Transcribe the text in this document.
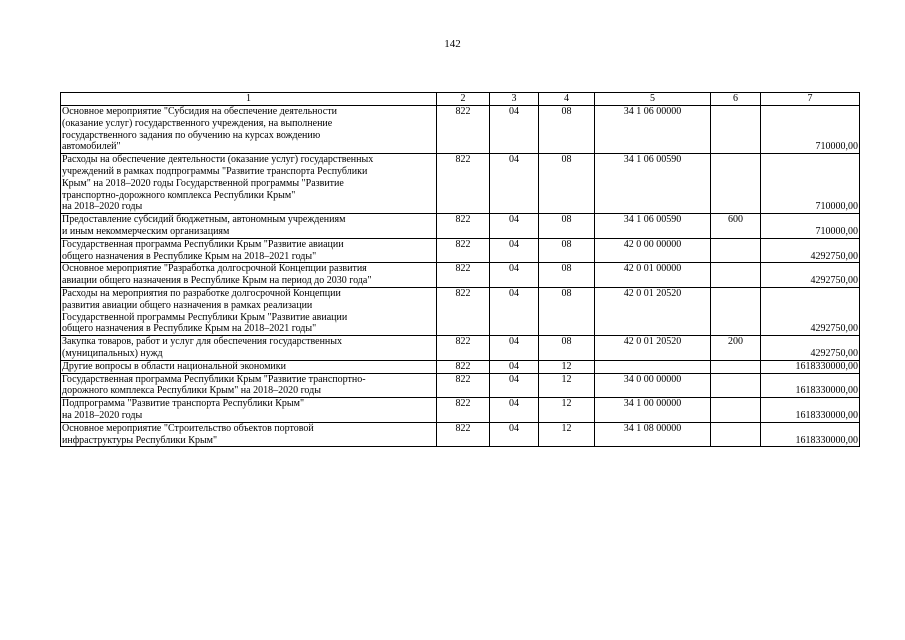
142
1	2	3	4	5	6	7

Основное мероприятие "Субсидия на обеспечение деятельности
(оказание услуг) государственного учреждения, на выполнение
государственного задания по обучению на курсах вождению
автомобилей"	822	04	08	34 1 06 00000		710000,00

Расходы на обеспечение деятельности (оказание услуг) государственных
учреждений в рамках подпрограммы "Развитие транспорта Республики
Крым" на 2018–2020 годы Государственной программы "Развитие
транспортно-дорожного комплекса Республики Крым"
на 2018–2020 годы	822	04	08	34 1 06 00590		710000,00

Предоставление субсидий бюджетным, автономным учреждениям
и иным некоммерческим организациям	822	04	08	34 1 06 00590	600	710000,00

Государственная программа Республики Крым "Развитие авиации
общего назначения в Республике Крым на 2018–2021 годы"	822	04	08	42 0 00 00000		4292750,00

Основное мероприятие "Разработка долгосрочной Концепции развития
авиации общего назначения в Республике Крым на период до 2030 года"	822	04	08	42 0 01 00000		4292750,00

Расходы на мероприятия по разработке долгосрочной Концепции
развития авиации общего назначения в рамках реализации
Государственной программы Республики Крым "Развитие авиации
общего назначения в Республике Крым на 2018–2021 годы"	822	04	08	42 0 01 20520		4292750,00

Закупка товаров, работ и услуг для обеспечения государственных
(муниципальных) нужд	822	04	08	42 0 01 20520	200	4292750,00

Другие вопросы в области национальной экономики	822	04	12			1618330000,00

Государственная программа Республики Крым "Развитие транспортно-
дорожного комплекса Республики Крым" на 2018–2020 годы	822	04	12	34 0 00 00000		1618330000,00

Подпрограмма "Развитие транспорта Республики Крым"
на 2018–2020 годы	822	04	12	34 1 00 00000		1618330000,00

Основное мероприятие "Строительство объектов портовой
инфраструктуры Республики Крым"	822	04	12	34 1 08 00000		1618330000,00
